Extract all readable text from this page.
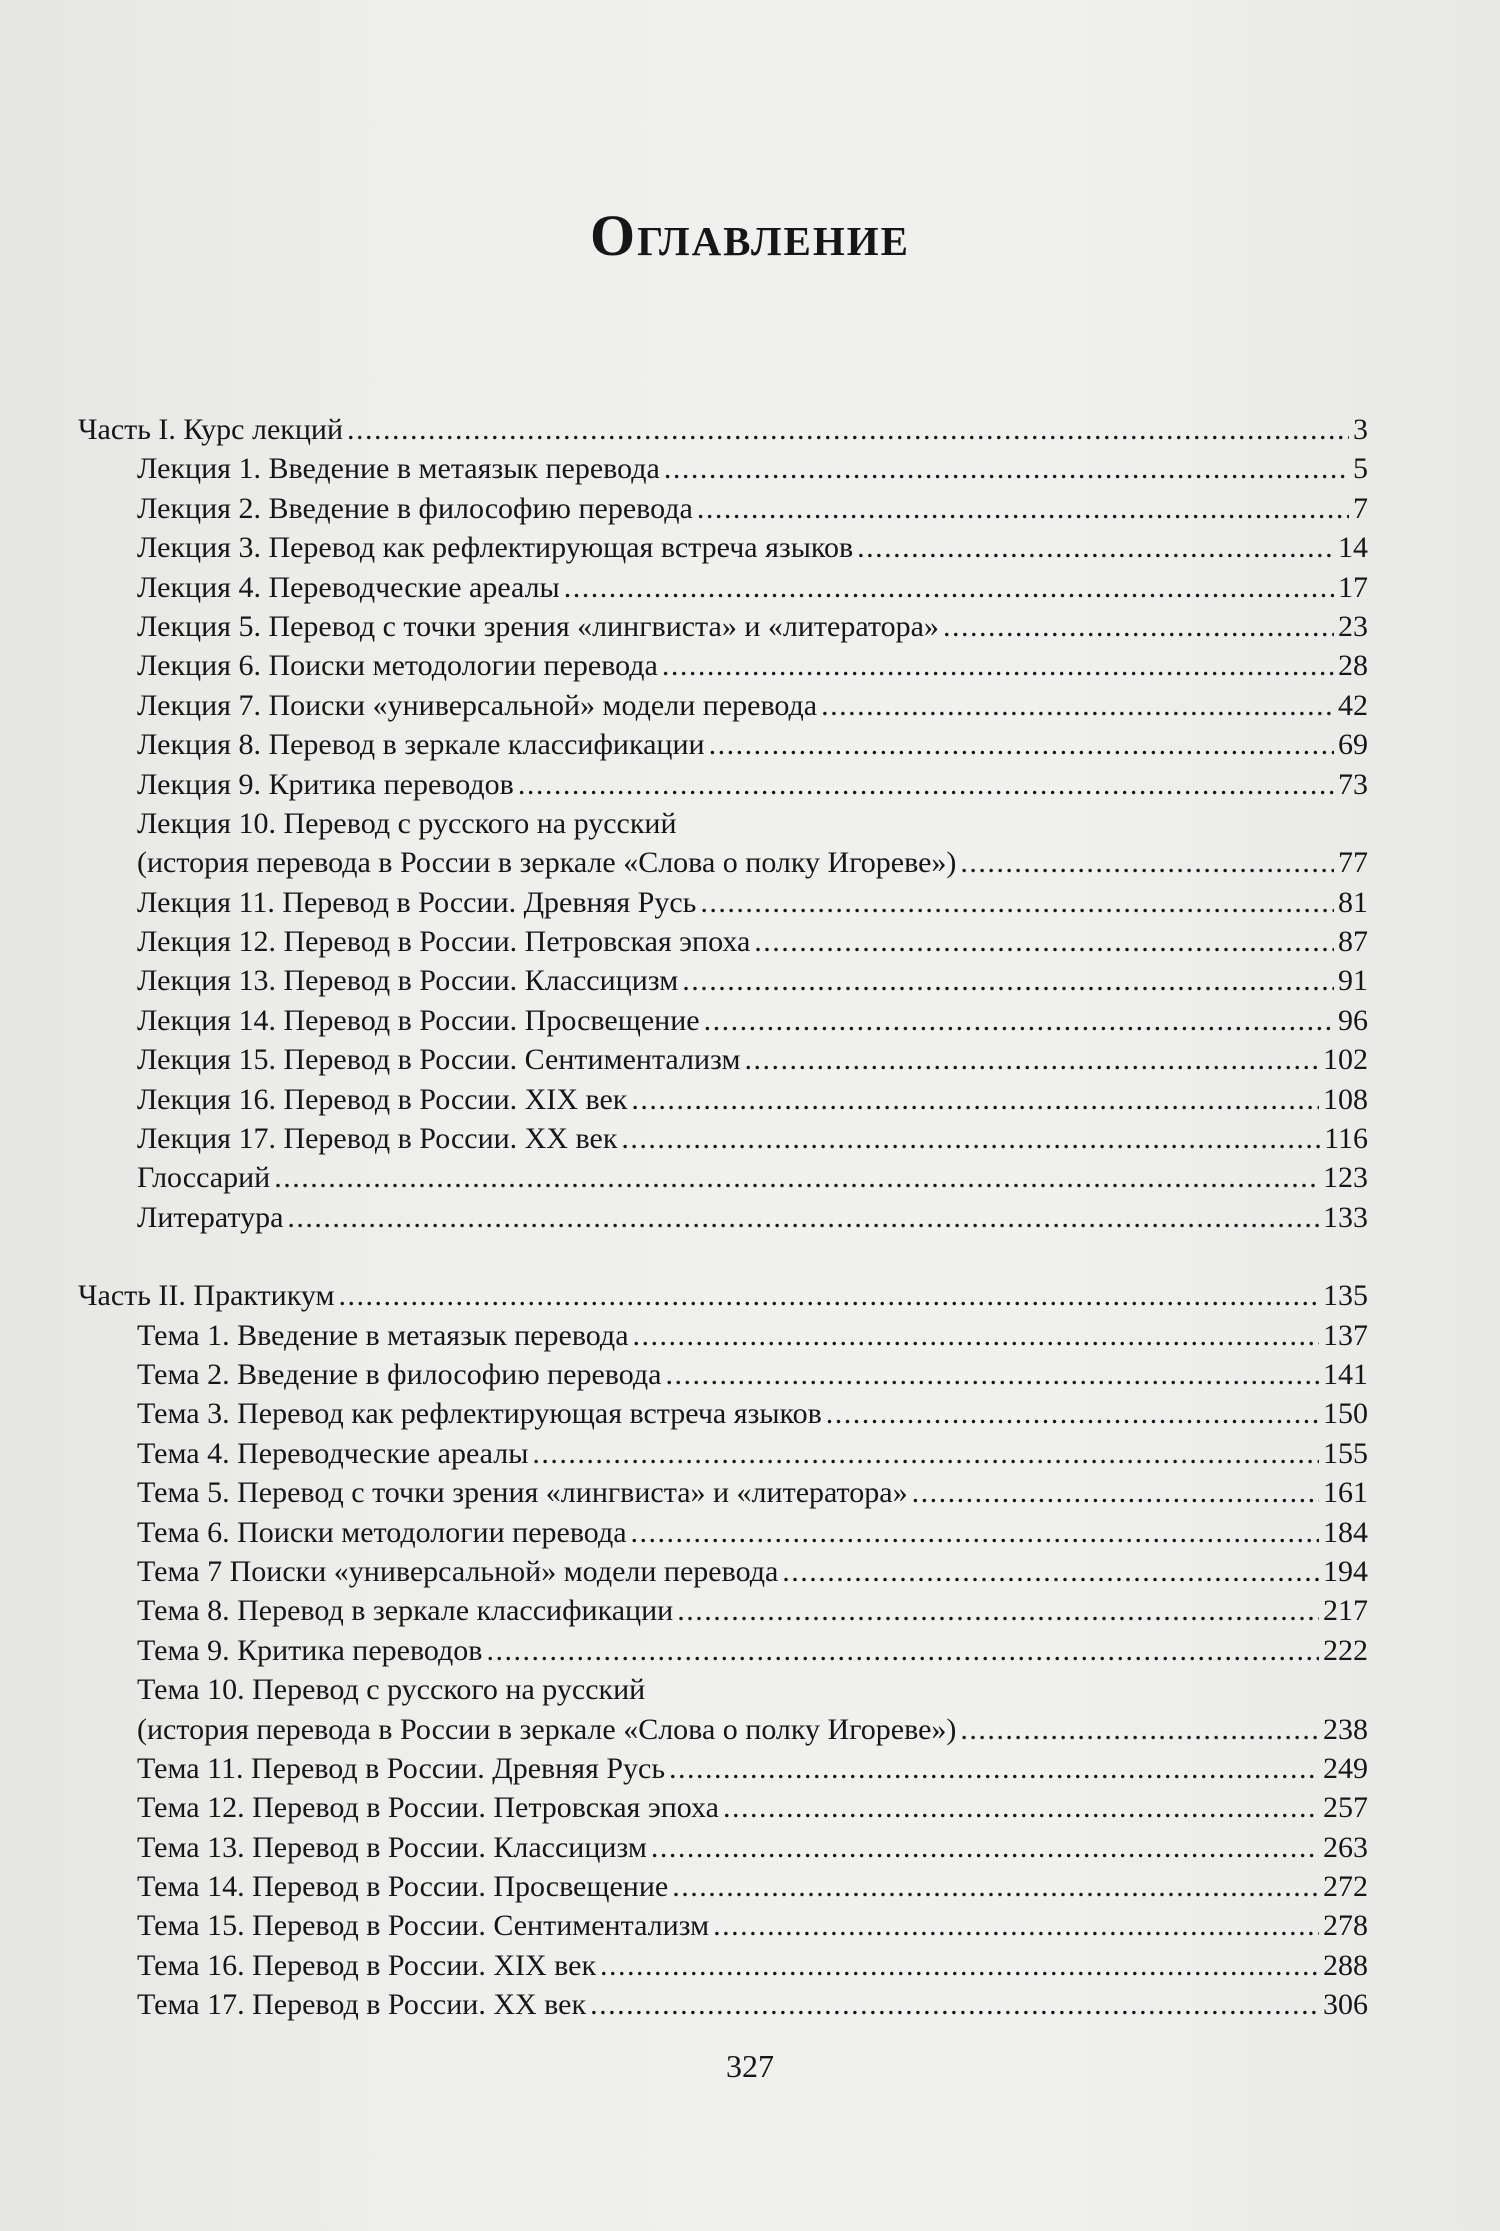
Оглавление
Часть I. Курс лекций . . .	3
Лекция 1. Введение в метаязык перевода . . .	5
Лекция 2. Введение в философию перевода . . .	7
Лекция 3. Перевод как рефлектирующая встреча языков . . .	14
Лекция 4. Переводческие ареалы . . .	17
Лекция 5. Перевод с точки зрения «лингвиста» и «литератора» . . .	23
Лекция 6. Поиски методологии перевода . . .	28
Лекция 7. Поиски «универсальной» модели перевода . . .	42
Лекция 8. Перевод в зеркале классификации . . .	69
Лекция 9. Критика переводов . . .	73
Лекция 10. Перевод с русского на русский
(история перевода в России в зеркале «Слова о полку Игореве») . . .	77
Лекция 11. Перевод в России. Древняя Русь . . .	81
Лекция 12. Перевод в России. Петровская эпоха . . .	87
Лекция 13. Перевод в России. Классицизм . . .	91
Лекция 14. Перевод в России. Просвещение . . .	96
Лекция 15. Перевод в России. Сентиментализм . . .	102
Лекция 16. Перевод в России. XIX век . . .	108
Лекция 17. Перевод в России. XX век . . .	116
Глоссарий . . .	123
Литература . . .	133
Часть II. Практикум . . .	135
Тема 1. Введение в метаязык перевода . . .	137
Тема 2. Введение в философию перевода . . .	141
Тема 3. Перевод как рефлектирующая встреча языков . . .	150
Тема 4. Переводческие ареалы . . .	155
Тема 5. Перевод с точки зрения «лингвиста» и «литератора» . . .	161
Тема 6. Поиски методологии перевода . . .	184
Тема 7 Поиски «универсальной» модели перевода . . .	194
Тема 8. Перевод в зеркале классификации . . .	217
Тема 9. Критика переводов . . .	222
Тема 10. Перевод с русского на русский
(история перевода в России в зеркале «Слова о полку Игореве») . . .	238
Тема 11. Перевод в России. Древняя Русь . . .	249
Тема 12. Перевод в России. Петровская эпоха . . .	257
Тема 13. Перевод в России. Классицизм . . .	263
Тема 14. Перевод в России. Просвещение . . .	272
Тема 15. Перевод в России. Сентиментализм . . .	278
Тема 16. Перевод в России. XIX век . . .	288
Тема 17. Перевод в России. XX век . . .	306
327
